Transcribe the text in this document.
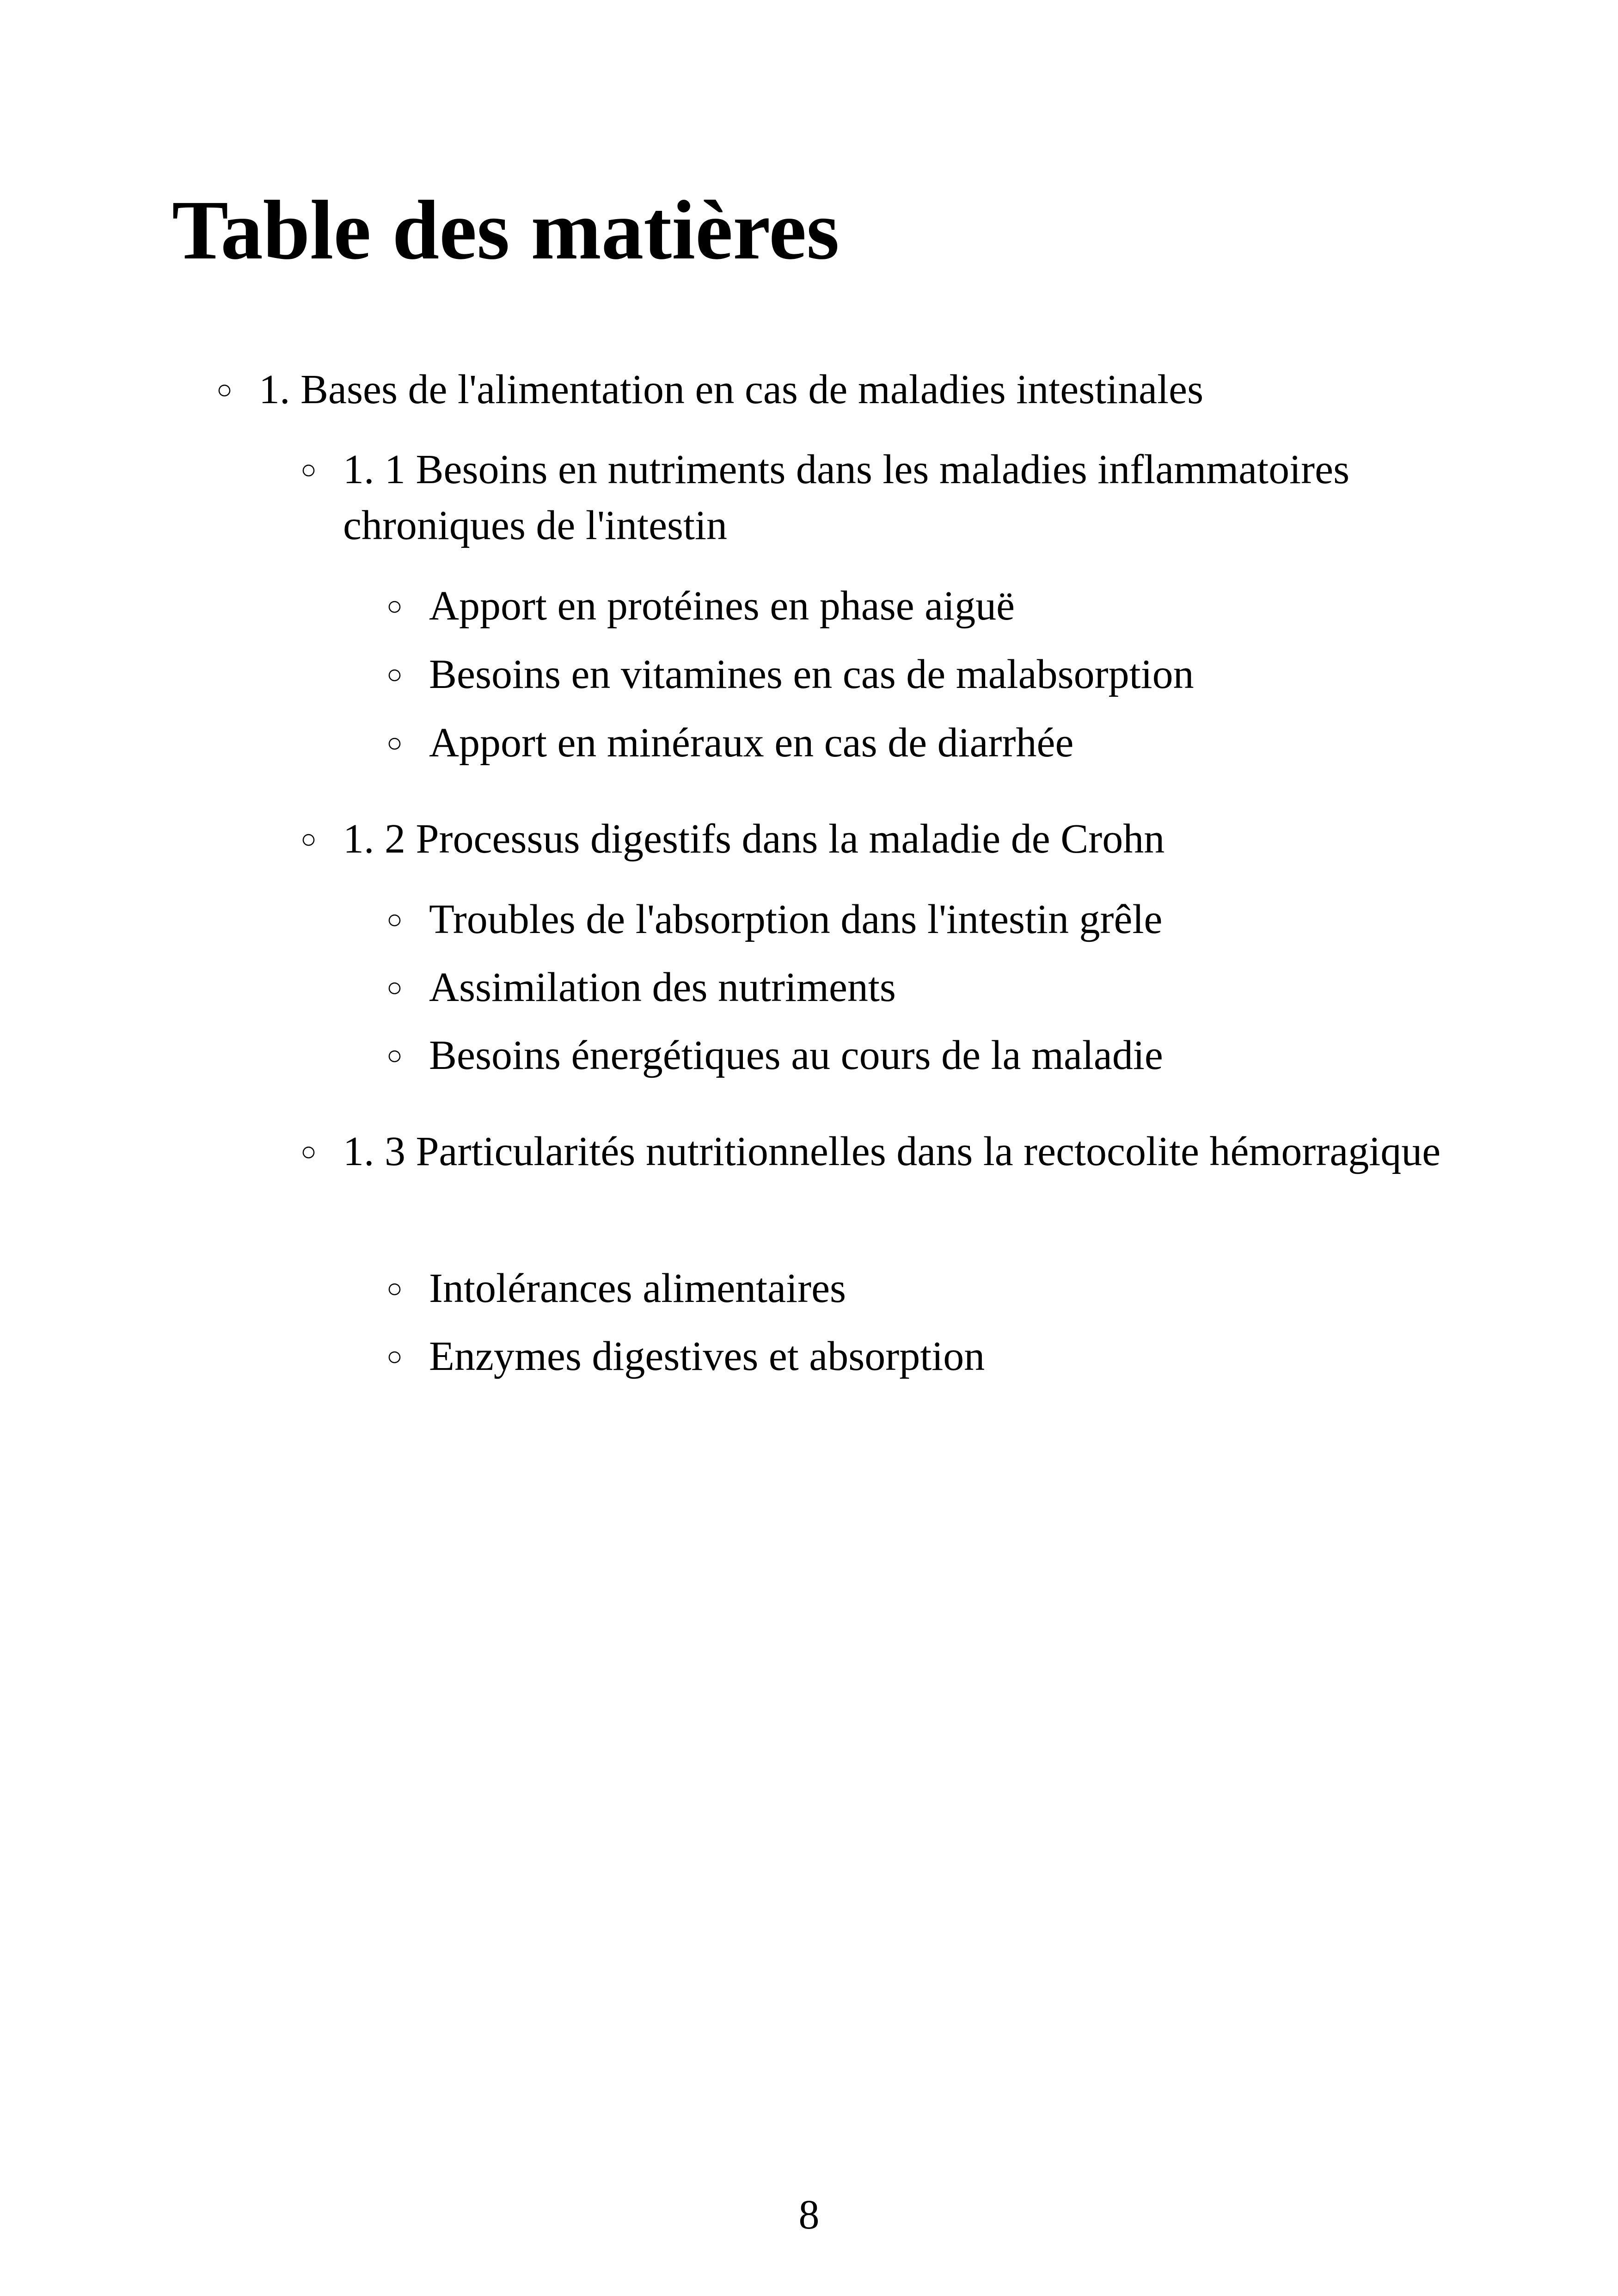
Table des matières
○ 1. Bases de l'alimentation en cas de maladies intestinales
○ 1. 1 Besoins en nutriments dans les maladies inflammatoires chroniques de l'intestin
○ Apport en protéines en phase aiguë
○ Besoins en vitamines en cas de malabsorption
○ Apport en minéraux en cas de diarrhée
○ 1. 2 Processus digestifs dans la maladie de Crohn
○ Troubles de l'absorption dans l'intestin grêle
○ Assimilation des nutriments
○ Besoins énergétiques au cours de la maladie
○ 1. 3 Particularités nutritionnelles dans la rectocolite hémorragique
○ Intolérances alimentaires
○ Enzymes digestives et absorption
8
